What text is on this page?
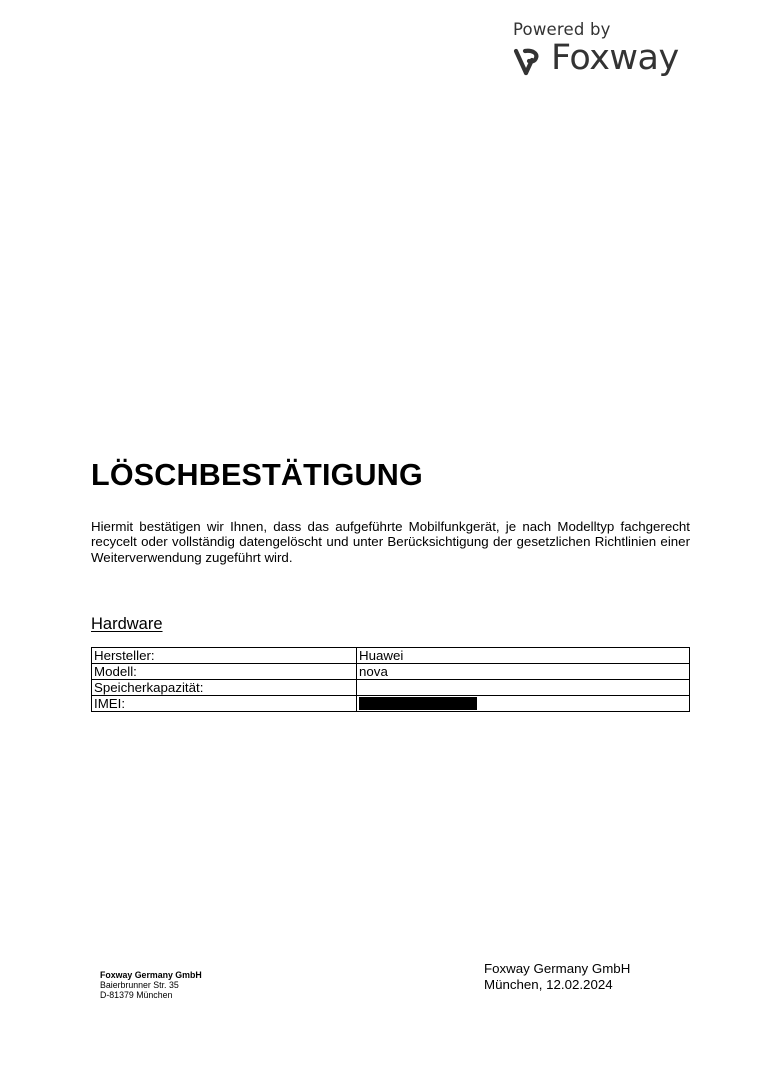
Powered by
Foxway
LÖSCHBESTÄTIGUNG

Hiermit bestätigen wir Ihnen, dass das aufgeführte Mobilfunkgerät, je nach Modelltyp fachgerecht recycelt oder vollständig datengelöscht und unter Berücksichtigung der gesetzlichen Richtlinien einer Weiterverwendung zugeführt wird.

Hardware
Hersteller:	Huawei
Modell:	nova
Speicherkapazität:	
IMEI:	
Foxway Germany GmbH
Baierbrunner Str. 35
D-81379 München
Foxway Germany GmbH
München, 12.02.2024
